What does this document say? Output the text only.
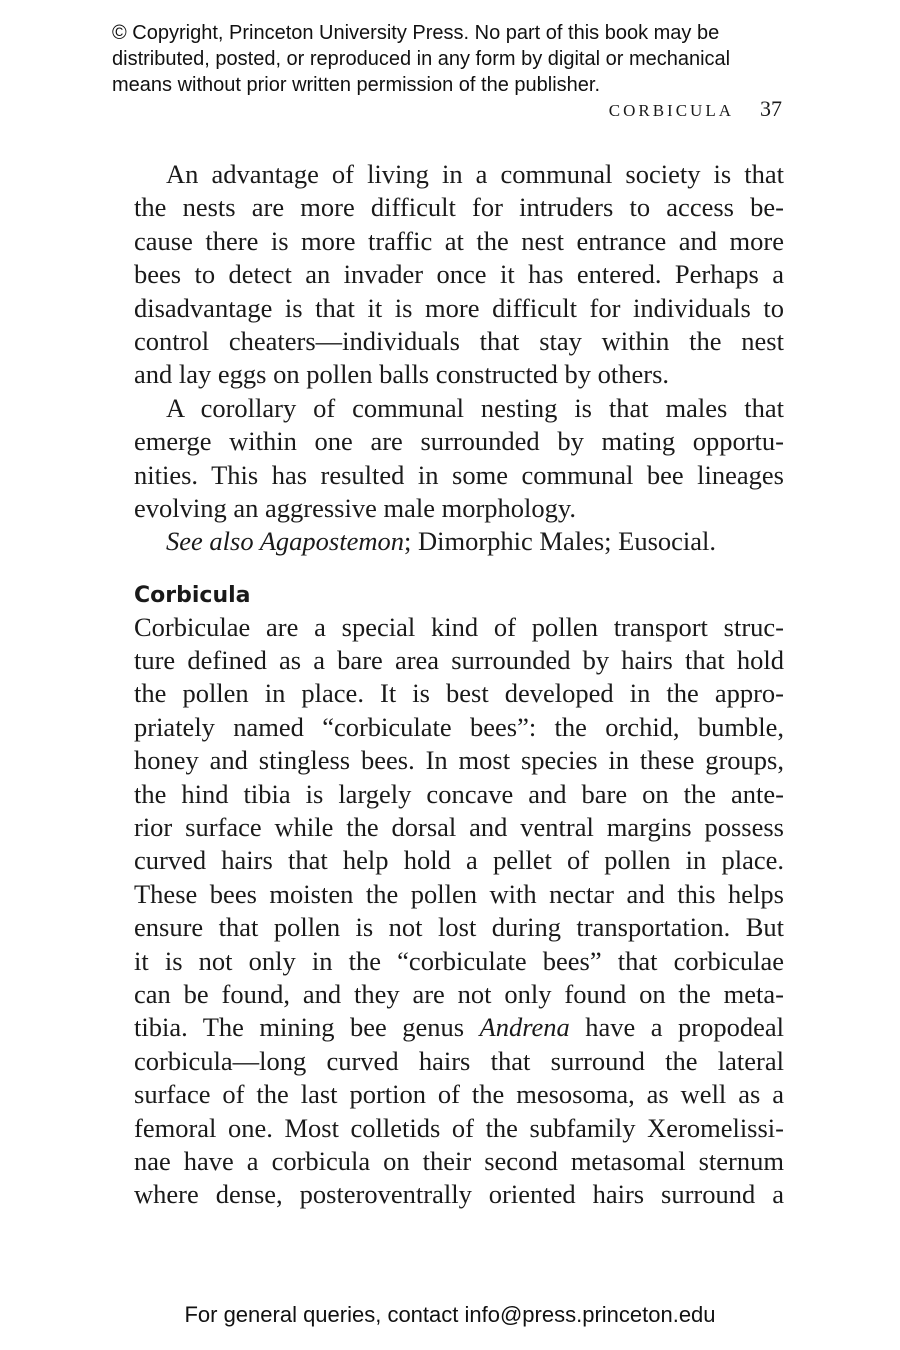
© Copyright, Princeton University Press. No part of this book may be
distributed, posted, or reproduced in any form by digital or mechanical
means without prior written permission of the publisher.
CORBICULA 37
An advantage of living in a communal society is that
the nests are more difficult for intruders to access be-
cause there is more traffic at the nest entrance and more
bees to detect an invader once it has entered. Perhaps a
disadvantage is that it is more difficult for individuals to
control cheaters—individuals that stay within the nest
and lay eggs on pollen balls constructed by others.
A corollary of communal nesting is that males that
emerge within one are surrounded by mating opportu-
nities. This has resulted in some communal bee lineages
evolving an aggressive male morphology.
See also Agapostemon; Dimorphic Males; Eusocial.
Corbicula
Corbiculae are a special kind of pollen transport struc-
ture defined as a bare area surrounded by hairs that hold
the pollen in place. It is best developed in the appro-
priately named “corbiculate bees”: the orchid, bumble,
honey and stingless bees. In most species in these groups,
the hind tibia is largely concave and bare on the ante-
rior surface while the dorsal and ventral margins possess
curved hairs that help hold a pellet of pollen in place.
These bees moisten the pollen with nectar and this helps
ensure that pollen is not lost during transportation. But
it is not only in the “corbiculate bees” that corbiculae
can be found, and they are not only found on the meta-
tibia. The mining bee genus Andrena have a propodeal
corbicula—long curved hairs that surround the lateral
surface of the last portion of the mesosoma, as well as a
femoral one. Most colletids of the subfamily Xeromelissi-
nae have a corbicula on their second metasomal sternum
where dense, posteroventrally oriented hairs surround a
For general queries, contact info@press.princeton.edu
